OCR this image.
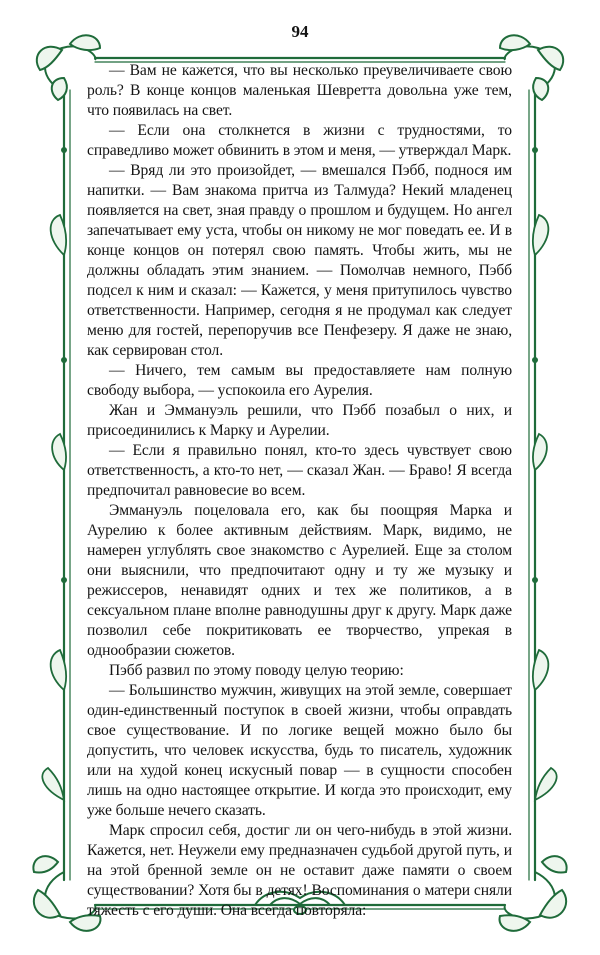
94

— Вам не кажется, что вы несколько преувеличиваете свою роль? В конце концов маленькая Шевретта довольна уже тем, что появилась на свет.

— Если она столкнется в жизни с трудностями, то справедливо может обвинить в этом и меня, — утверждал Марк.

— Вряд ли это произойдет, — вмешался Пэбб, поднося им напитки. — Вам знакома притча из Талмуда? Некий младенец появляется на свет, зная правду о прошлом и будущем. Но ангел запечатывает ему уста, чтобы он никому не мог поведать ее. И в конце концов он потерял свою память. Чтобы жить, мы не должны обладать этим знанием. — Помолчав немного, Пэбб подсел к ним и сказал: — Кажется, у меня притупилось чувство ответственности. Например, сегодня я не продумал как следует меню для гостей, перепоручив все Пенфезеру. Я даже не знаю, как сервирован стол.

— Ничего, тем самым вы предоставляете нам полную свободу выбора, — успокоила его Аурелия.

Жан и Эммануэль решили, что Пэбб позабыл о них, и присоединились к Марку и Аурелии.

— Если я правильно понял, кто-то здесь чувствует свою ответственность, а кто-то нет, — сказал Жан. — Браво! Я всегда предпочитал равновесие во всем.

Эммануэль поцеловала его, как бы поощряя Марка и Аурелию к более активным действиям. Марк, видимо, не намерен углублять свое знакомство с Аурелией. Еще за столом они выяснили, что предпочитают одну и ту же музыку и режиссеров, ненавидят одних и тех же политиков, а в сексуальном плане вполне равнодушны друг к другу. Марк даже позволил себе покритиковать ее творчество, упрекая в однообразии сюжетов.

Пэбб развил по этому поводу целую теорию:

— Большинство мужчин, живущих на этой земле, совершает один-единственный поступок в своей жизни, чтобы оправдать свое существование. И по логике вещей можно было бы допустить, что человек искусства, будь то писатель, художник или на худой конец искусный повар — в сущности способен лишь на одно настоящее открытие. И когда это происходит, ему уже больше нечего сказать.

Марк спросил себя, достиг ли он чего-нибудь в этой жизни. Кажется, нет. Неужели ему предназначен судьбой другой путь, и на этой бренной земле он не оставит даже памяти о своем существовании? Хотя бы в детях! Воспоминания о матери сняли тяжесть с его души. Она всегда повторяла:
